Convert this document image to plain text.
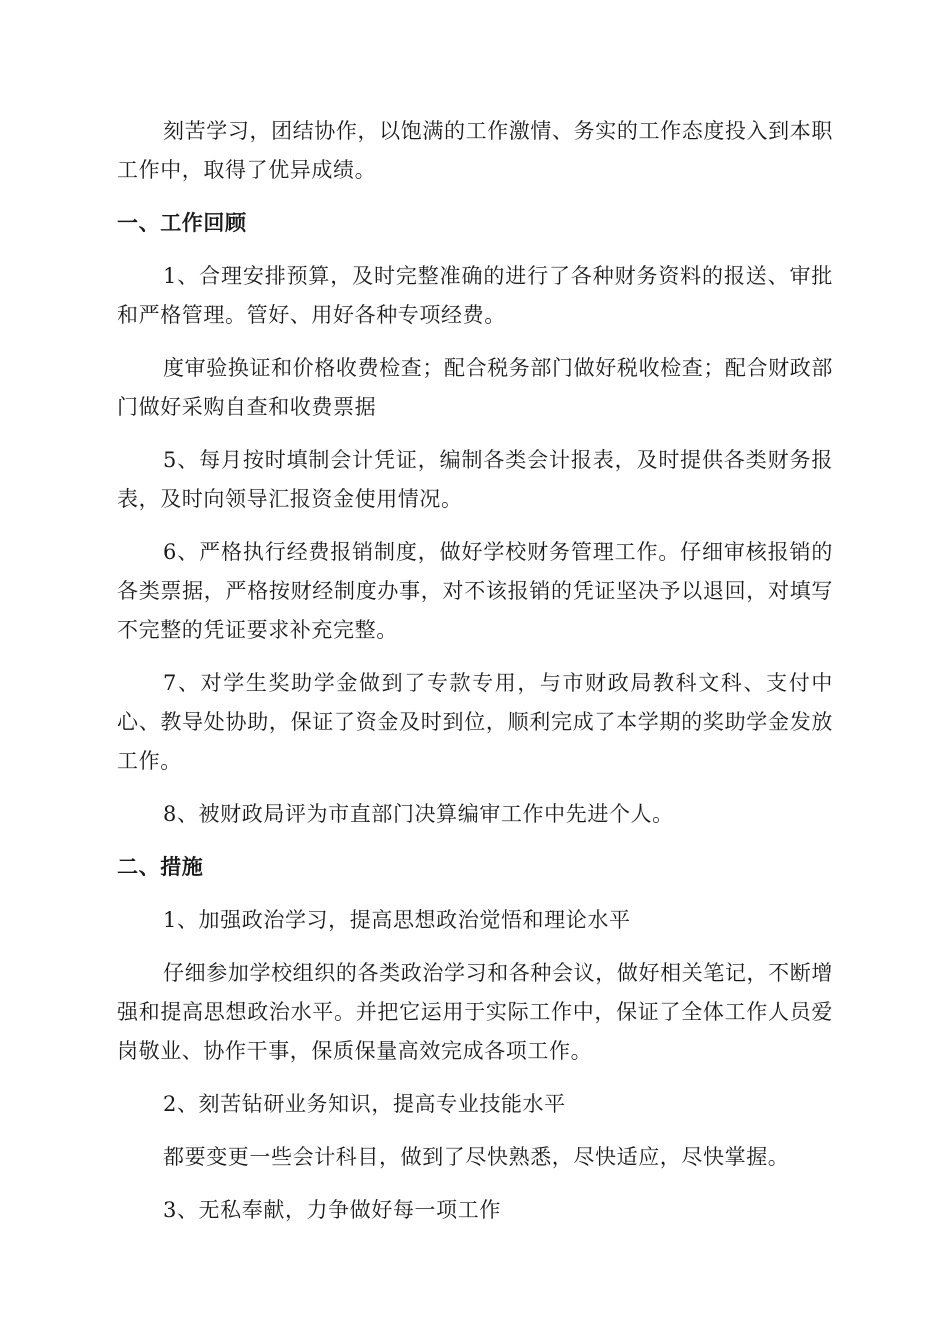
刻苦学习，团结协作，以饱满的工作激情、务实的工作态度投入到本职工作中，取得了优异成绩。

一、工作回顾

1、合理安排预算，及时完整准确的进行了各种财务资料的报送、审批和严格管理。管好、用好各种专项经费。

度审验换证和价格收费检查；配合税务部门做好税收检查；配合财政部门做好采购自查和收费票据

5、每月按时填制会计凭证，编制各类会计报表，及时提供各类财务报表，及时向领导汇报资金使用情况。

6、严格执行经费报销制度，做好学校财务管理工作。仔细审核报销的各类票据，严格按财经制度办事，对不该报销的凭证坚决予以退回，对填写不完整的凭证要求补充完整。

7、对学生奖助学金做到了专款专用，与市财政局教科文科、支付中心、教导处协助，保证了资金及时到位，顺利完成了本学期的奖助学金发放工作。

8、被财政局评为市直部门决算编审工作中先进个人。

二、措施

1、加强政治学习，提高思想政治觉悟和理论水平

仔细参加学校组织的各类政治学习和各种会议，做好相关笔记，不断增强和提高思想政治水平。并把它运用于实际工作中，保证了全体工作人员爱岗敬业、协作干事，保质保量高效完成各项工作。

2、刻苦钻研业务知识，提高专业技能水平

都要变更一些会计科目，做到了尽快熟悉，尽快适应，尽快掌握。

3、无私奉献，力争做好每一项工作
